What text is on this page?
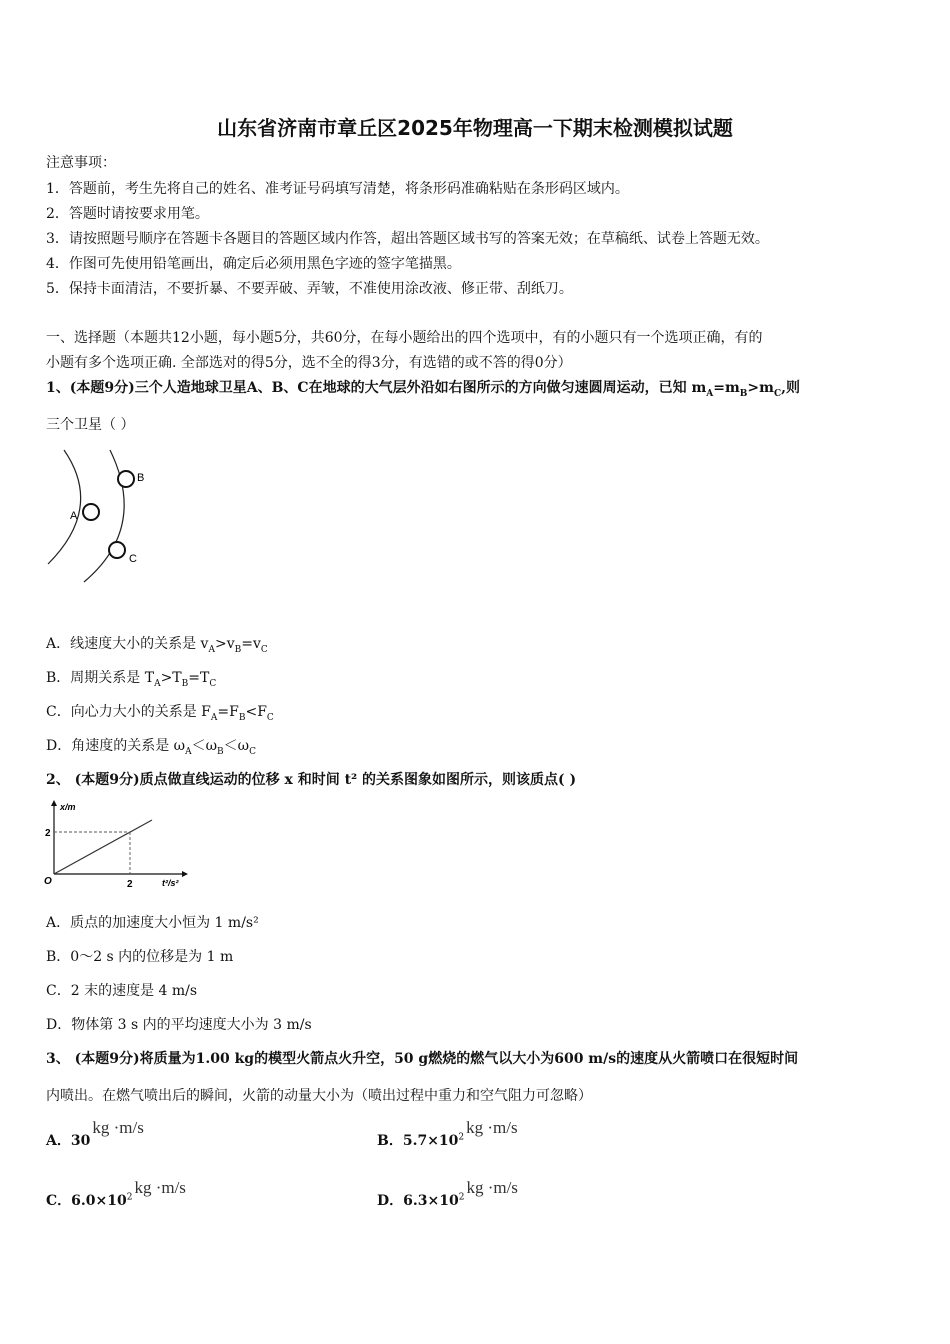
山东省济南市章丘区2025年物理高一下期末检测模拟试题
注意事项：
1．答题前，考生先将自己的姓名、准考证号码填写清楚，将条形码准确粘贴在条形码区域内。
2．答题时请按要求用笔。
3．请按照题号顺序在答题卡各题目的答题区域内作答，超出答题区域书写的答案无效；在草稿纸、试卷上答题无效。
4．作图可先使用铅笔画出，确定后必须用黑色字迹的签字笔描黑。
5．保持卡面清洁，不要折暴、不要弄破、弄皱，不准使用涂改液、修正带、刮纸刀。
一、选择题（本题共12小题，每小题5分，共60分，在每小题给出的四个选项中，有的小题只有一个选项正确，有的
小题有多个选项正确. 全部选对的得5分，选不全的得3分，有选错的或不答的得0分）
1、(本题9分)三个人造地球卫星A、B、C在地球的大气层外沿如右图所示的方向做匀速圆周运动，已知 $m_A=m_B>m_C$,则
三个卫星（ ）
A
B
C
A．线速度大小的关系是 $v_A>v_B=v_C$
B．周期关系是 $T_A>T_B=T_C$
C．向心力大小的关系是 $F_A=F_B<F_C$
D．角速度的关系是 $\omega_A<\omega_B<\omega_C$
2、 (本题9分)质点做直线运动的位移 x 和时间 t² 的关系图象如图所示，则该质点( )
x/m
t²/s²
O
2
2
A．质点的加速度大小恒为 1 m/s²
B．0～2 s 内的位移是为 1 m
C．2 末的速度是 4 m/s
D．物体第 3 s 内的平均速度大小为 3 m/s
3、 (本题9分)将质量为1.00 kg的模型火箭点火升空，50 g燃烧的燃气以大小为600 m/s的速度从火箭喷口在很短时间
内喷出。在燃气喷出后的瞬间，火箭的动量大小为（喷出过程中重力和空气阻力可忽略）
A．30kg ·m/s
B．$5.7\times 10^2kg \cdot m/s$
C．$6.0\times 10^2kg \cdot m/s$
D．$6.3\times 10^2kg \cdot m/s$
